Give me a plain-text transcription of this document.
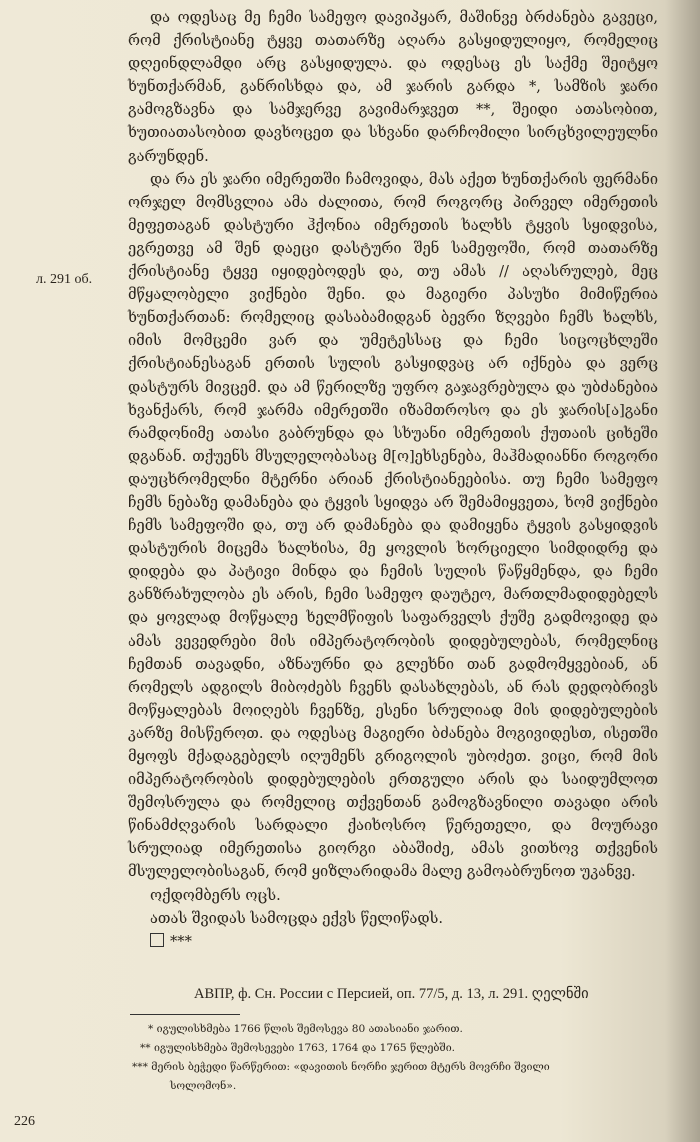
და ოდესაც მე ჩემი სამეფო დავიპყარ, მაშინვე ბრძანება გავეცი, რომ ქრისტიანე ტყვე თათარზე აღარა გასყიდულიყო, რომელიც დღეინდლამდი არც გასყიდულა. და ოდესაც ეს საქმე შეიტყო ხუნთქარმან, განრისხდა და, ამ ჯარის გარდა *, სამზის ჯარი გამოგზავნა და სამჯერვე გავიმარჯვეთ **, შეიდი ათასობით, ხუთიათასობით დავხოცეთ და სხვანი დარჩომილი სირცხვილეულნი გარუნდენ.

და რა ეს ჯარი იმერეთში ჩამოვიდა, მას აქეთ ხუნთქარის ფერმანი ორჯელ მომსვლია ამა ძალითა, რომ როგორც პირველ იმერეთის მეფეთაგან დასტური ჰქონია იმერეთის ხალხს ტყვის სყიდვისა, ეგრეთვე ამ შენ დაეცი დასტური შენ სამეფოში, რომ თათარზე ქრისტიანე ტყვე იყიდებოდეს და, თუ ამას // აღასრულებ, მეც მწყალობელი ვიქნები შენი. და მაგიერი პასუხი მიმიწერია ხუნთქართან: რომელიც დასაბამიდგან ბევრი ზღვები ჩემს ხალხს, იმის მომცემი ვარ და უმეტესსაც და ჩემი სიცოცხლეში ქრისტიანესაგან ერთის სულის გასყიდვაც არ იქნება და ვერც დასტურს მივცემ. და ამ წერილზე უფრო გაჯავრებულა და უბძანებია ხვანქარს, რომ ჯარმა იმერეთში იზამთროსო და ეს ჯარის[ა]განი რამდონიმე ათასი გაბრუნდა და სხუანი იმერეთის ქუთაის ციხეში დგანან. თქუენს მსულელობასაც მ[ო]ეხსენება, მაჰმადიანნი როგორი დაუცხრომელნი მტერნი არიან ქრისტიანეებისა. თუ ჩემი სამეფო ჩემს ნებაზე დამანება და ტყვის სყიდვა არ შემამიყვეთა, ხომ ვიქნები ჩემს სამეფოში და, თუ არ დამანება და დამიყენა ტყვის გასყიდვის დასტურის მიცემა ხალხისა, მე ყოვლის ხორციელი სიმდიდრე და დიდება და პატივი მინდა და ჩემის სულის წაწყმენდა, და ჩემი განზრახულობა ეს არის, ჩემი სამეფო დაუტეო, მართლმადიდებელს და ყოვლად მოწყალე ხელმწიფის საფარველს ქუშე გადმოვიდე და ამას ვევედრები მის იმპერატორობის დიდებულებას, რომელნიც ჩემთან თავადნი, აზნაურნი და გლეხნი თან გადმომყვებიან, ან რომელს ადგილს მიბოძებს ჩვენს დასახლებას, ან რას დედობრივს მოწყალებას მოიღებს ჩვენზე, ესენი სრულიად მის დიდებულების კარზე მისწეროთ. და ოდესაც მაგიერი ბძანება მოგივიდესთ, ისეთში მყოფს მქადაგებელს იღუმენს გრიგოლის უბოძეთ. ვიცი, რომ მის იმპერატორობის დიდებულების ერთგული არის და საიდუმლოთ შემოსრულა და რომელიც თქვენთან გამოგზავნილი თავადი არის წინამძღვარის სარდალი ქაიხოსრო წერეთელი, და მოურავი სრულიად იმერეთისა გიორგი აბაშიძე, ამას ვითხოვ თქვენის მსულელობისაგან, რომ ყიზლარიდამა მალე გამოაბრუნოთ უკანვე.

ოქდომბერს ოცს.

ათას შვიდას სამოცდა ექვს წელიწადს.

***

л. 291 об.
АВПР, ф. Сн. России с Персией, оп. 77/5, д. 13, л. 291. ღელნში
* იგულისხმება 1766 წლის შემოსევა 80 ათასიანი ჯარით.
** იგულისხმება შემოსევები 1763, 1764 და 1765 წლებში.
*** მერის ბეჭედი წარწერით: «დავითის ნორჩი ჯერით მტერს მოვრჩი შვილი
სოლომონ».
226
